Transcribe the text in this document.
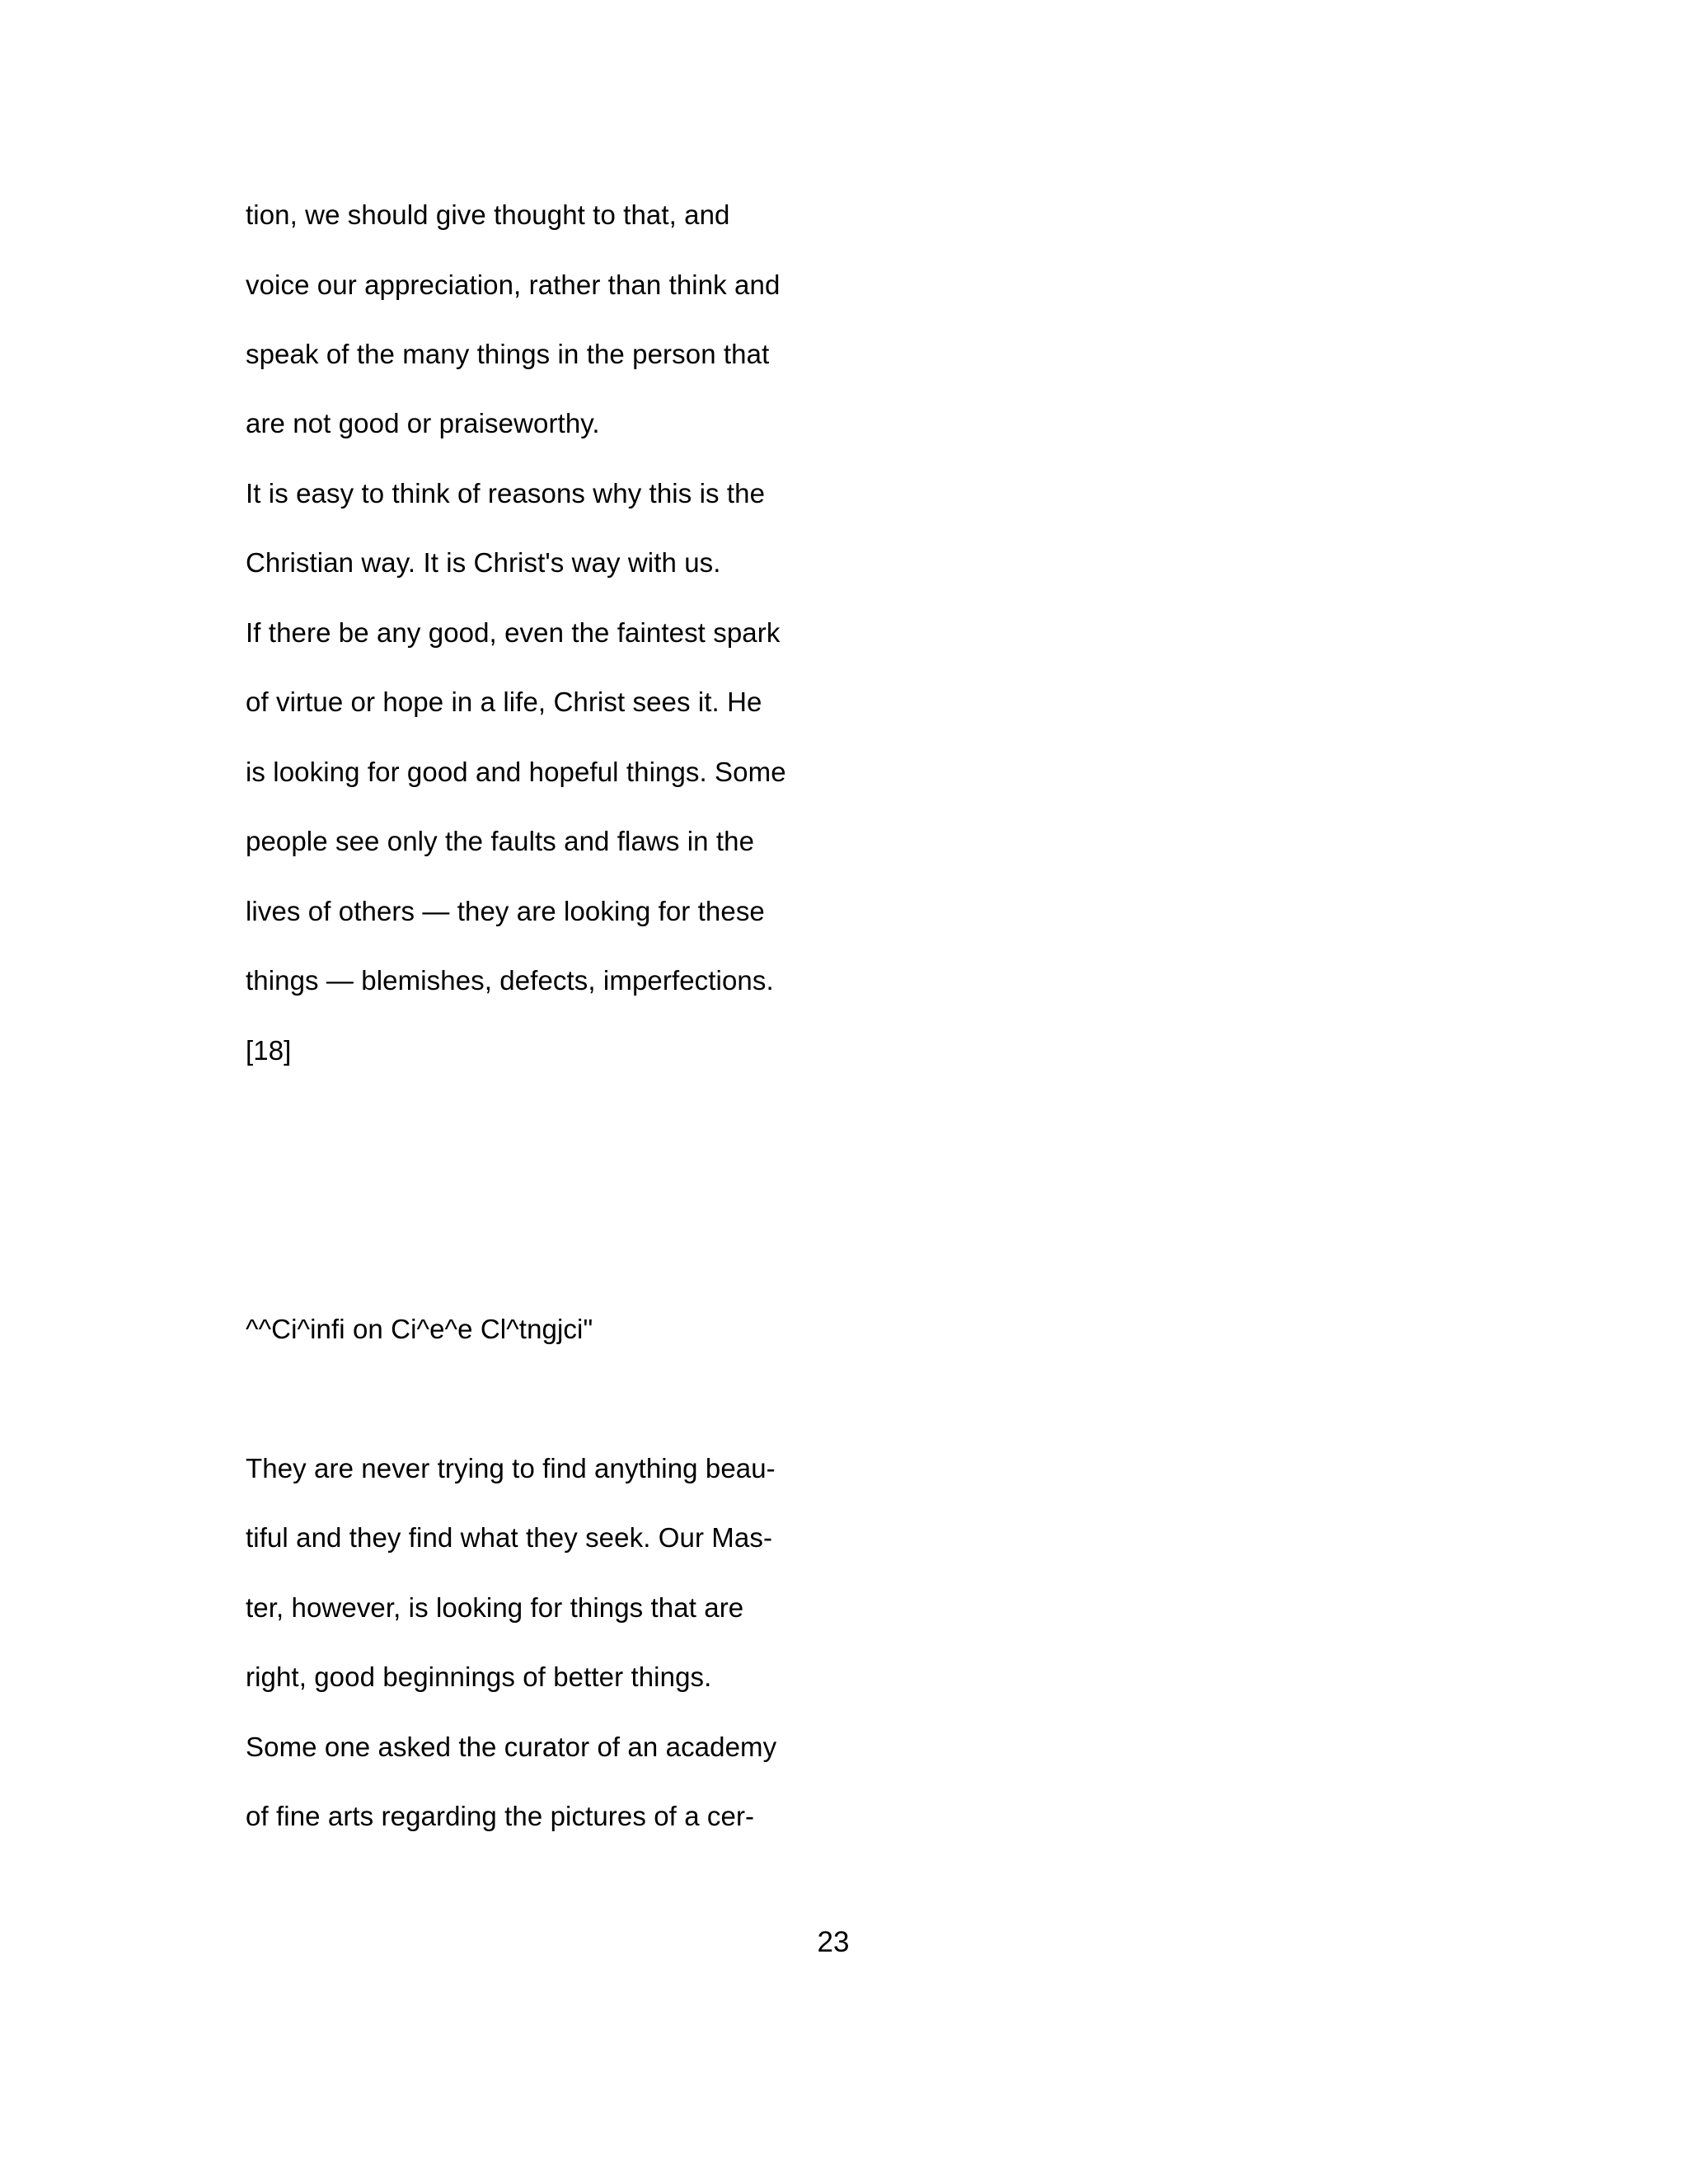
tion, we should give thought to that, and
voice our appreciation, rather than think and
speak of the many things in the person that
are not good or praiseworthy.
It is easy to think of reasons why this is the
Christian way. It is Christ's way with us.
If there be any good, even the faintest spark
of virtue or hope in a life, Christ sees it. He
is looking for good and hopeful things. Some
people see only the faults and flaws in the
lives of others — they are looking for these
things — blemishes, defects, imperfections.
[18]
^^Ci^infi on Ci^e^e Cl^tngjci"
They are never trying to find anything beau-
tiful and they find what they seek. Our Mas-
ter, however, is looking for things that are
right, good beginnings of better things.
Some one asked the curator of an academy
of fine arts regarding the pictures of a cer-
23
